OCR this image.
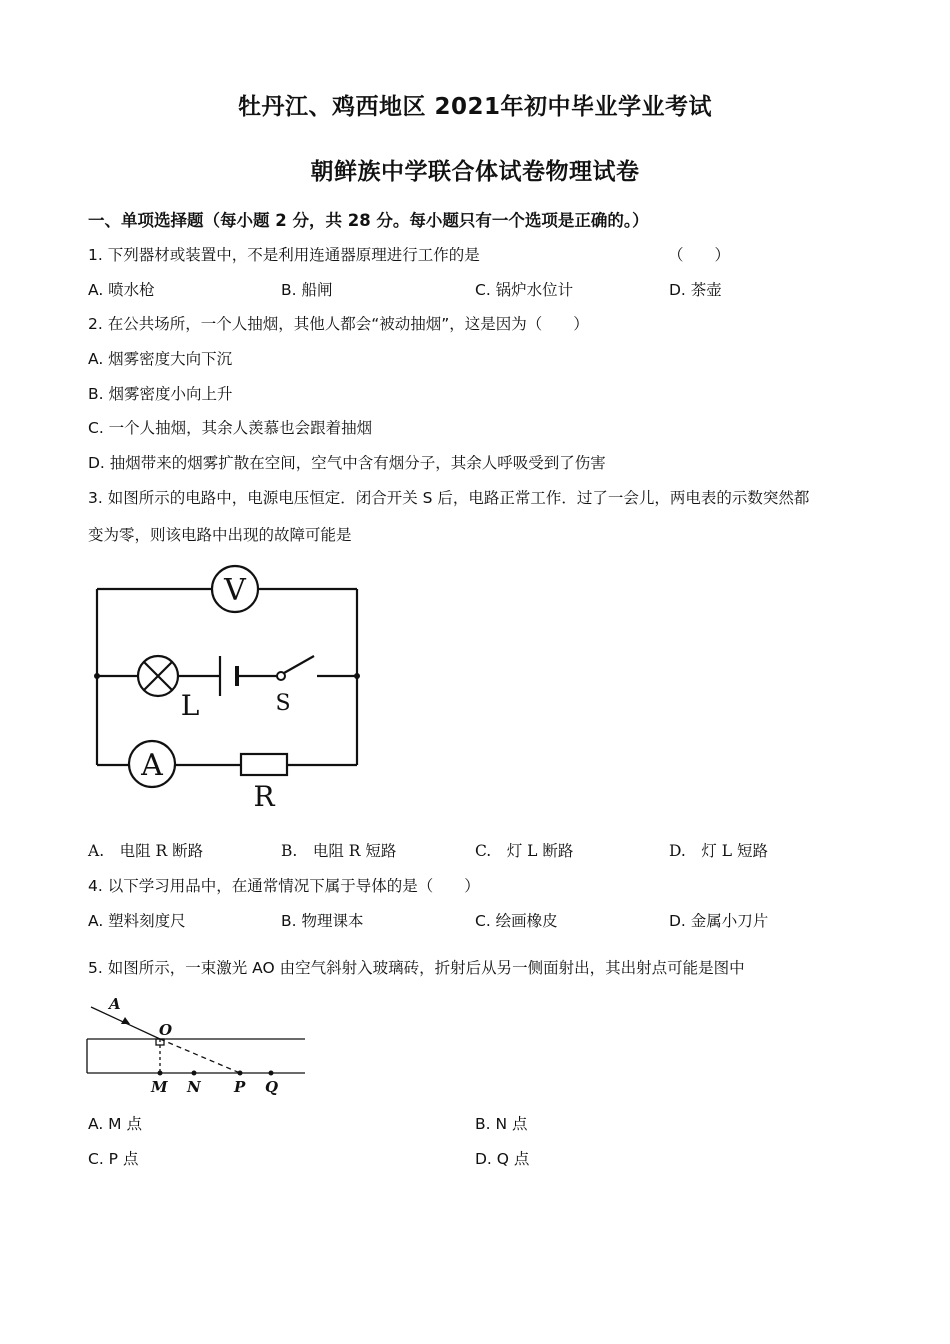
牡丹江、鸡西地区 2021年初中毕业学业考试
朝鲜族中学联合体试卷物理试卷
一、单项选择题（每小题 2 分，共 28 分。每小题只有一个选项是正确的。）
1. 下列器材或装置中，不是利用连通器原理进行工作的是	（　　）
A. 喷水枪	B. 船闸	C. 锅炉水位计	D. 茶壶
2. 在公共场所，一个人抽烟，其他人都会“被动抽烟”，这是因为（　　）
A. 烟雾密度大向下沉
B. 烟雾密度小向上升
C. 一个人抽烟，其余人羡慕也会跟着抽烟
D. 抽烟带来的烟雾扩散在空间，空气中含有烟分子，其余人呼吸受到了伤害
3. 如图所示的电路中，电源电压恒定．闭合开关 S 后，电路正常工作．过了一会儿，两电表的示数突然都
变为零，则该电路中出现的故障可能是
V
L	S
A
R
A.　电阻 R 断路	B.　电阻 R 短路	C.　灯 L 断路	D.　灯 L 短路
4. 以下学习用品中，在通常情况下属于导体的是（　　）
A. 塑料刻度尺	B. 物理课本	C. 绘画橡皮	D. 金属小刀片
5. 如图所示，一束激光 AO 由空气斜射入玻璃砖，折射后从另一侧面射出，其出射点可能是图中
A
O
M N P Q
A. M 点	B. N 点
C. P 点	D. Q 点
